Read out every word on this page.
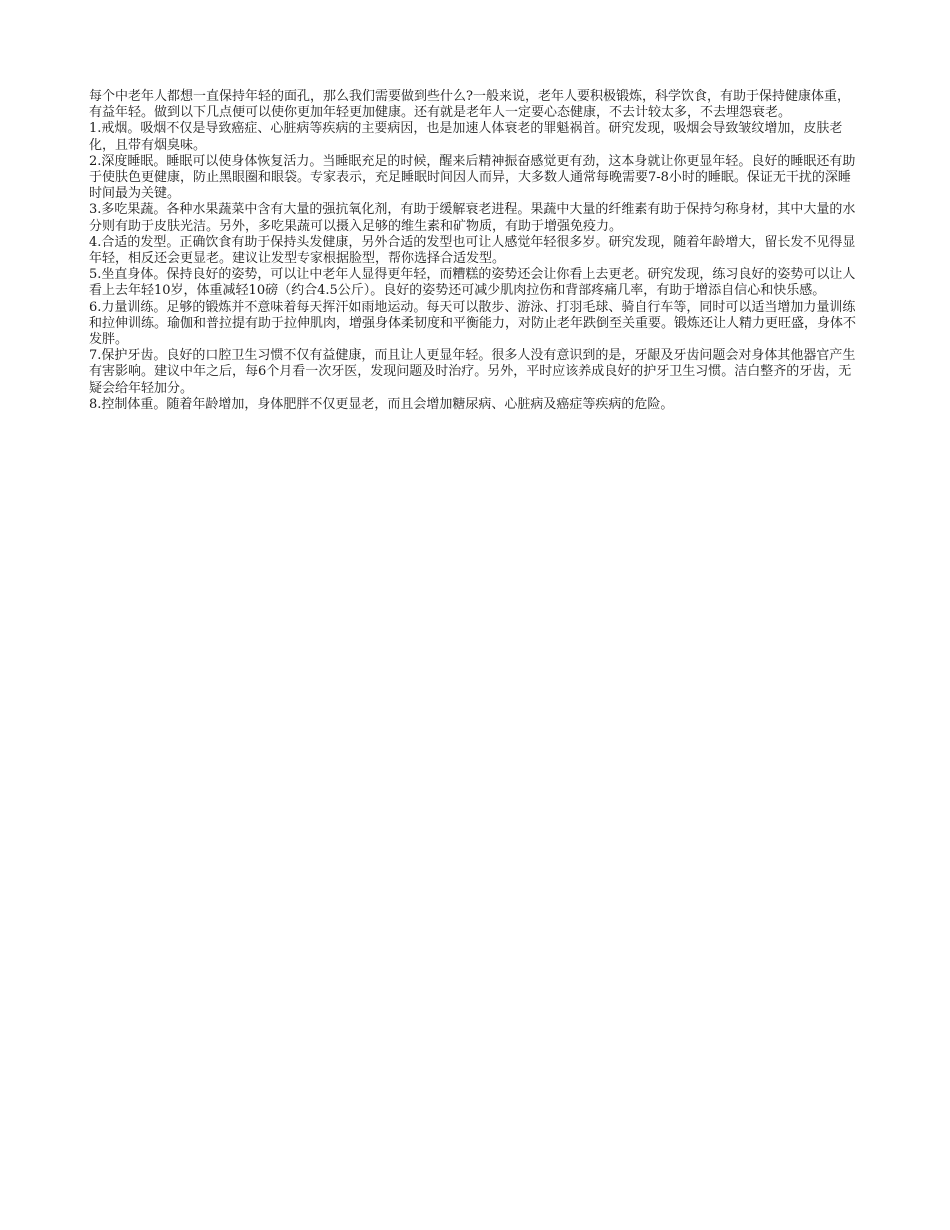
每个中老年人都想一直保持年轻的面孔，那么我们需要做到些什么?一般来说，老年人要积极锻炼，科学饮食，有助于保持健康体重，有益年轻。做到以下几点便可以使你更加年轻更加健康。还有就是老年人一定要心态健康，不去计较太多，不去埋怨衰老。

1.戒烟。吸烟不仅是导致癌症、心脏病等疾病的主要病因，也是加速人体衰老的罪魁祸首。研究发现，吸烟会导致皱纹增加，皮肤老化，且带有烟臭味。

2.深度睡眠。睡眠可以使身体恢复活力。当睡眠充足的时候，醒来后精神振奋感觉更有劲，这本身就让你更显年轻。良好的睡眠还有助于使肤色更健康，防止黑眼圈和眼袋。专家表示，充足睡眠时间因人而异，大多数人通常每晚需要7-8小时的睡眠。保证无干扰的深睡时间最为关键。

3.多吃果蔬。各种水果蔬菜中含有大量的强抗氧化剂，有助于缓解衰老进程。果蔬中大量的纤维素有助于保持匀称身材，其中大量的水分则有助于皮肤光洁。另外，多吃果蔬可以摄入足够的维生素和矿物质，有助于增强免疫力。

4.合适的发型。正确饮食有助于保持头发健康，另外合适的发型也可让人感觉年轻很多岁。研究发现，随着年龄增大，留长发不见得显年轻，相反还会更显老。建议让发型专家根据脸型，帮你选择合适发型。

5.坐直身体。保持良好的姿势，可以让中老年人显得更年轻，而糟糕的姿势还会让你看上去更老。研究发现，练习良好的姿势可以让人看上去年轻10岁，体重减轻10磅（约合4.5公斤）。良好的姿势还可减少肌肉拉伤和背部疼痛几率，有助于增添自信心和快乐感。

6.力量训练。足够的锻炼并不意味着每天挥汗如雨地运动。每天可以散步、游泳、打羽毛球、骑自行车等，同时可以适当增加力量训练和拉伸训练。瑜伽和普拉提有助于拉伸肌肉，增强身体柔韧度和平衡能力，对防止老年跌倒至关重要。锻炼还让人精力更旺盛，身体不发胖。

7.保护牙齿。良好的口腔卫生习惯不仅有益健康，而且让人更显年轻。很多人没有意识到的是，牙龈及牙齿问题会对身体其他器官产生有害影响。建议中年之后，每6个月看一次牙医，发现问题及时治疗。另外，平时应该养成良好的护牙卫生习惯。洁白整齐的牙齿，无疑会给年轻加分。

8.控制体重。随着年龄增加，身体肥胖不仅更显老，而且会增加糖尿病、心脏病及癌症等疾病的危险。
